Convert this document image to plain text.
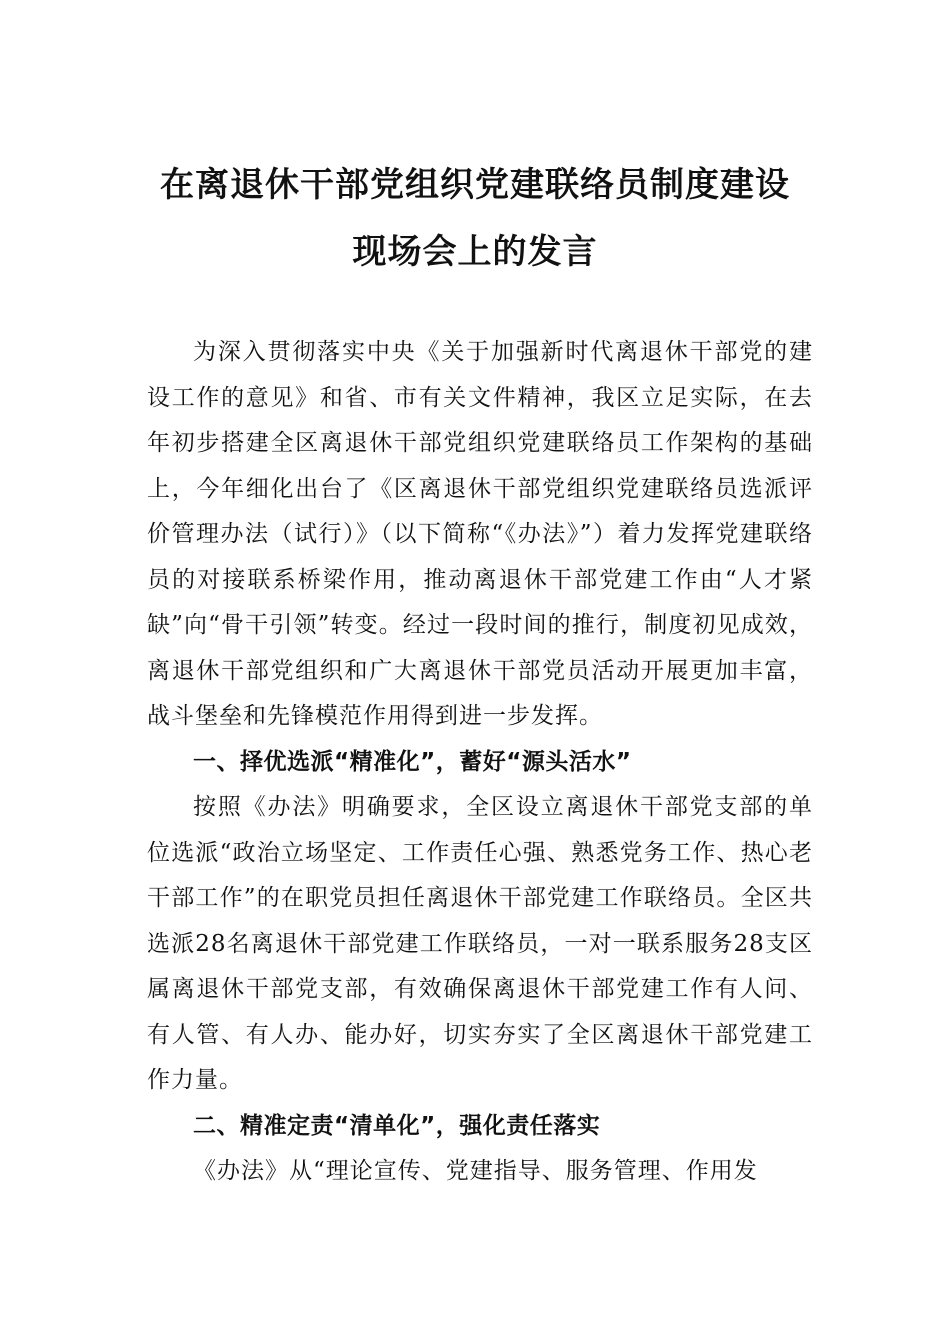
在离退休干部党组织党建联络员制度建设
现场会上的发言

为深入贯彻落实中央《关于加强新时代离退休干部党的建设工作的意见》和省、市有关文件精神，我区立足实际，在去年初步搭建全区离退休干部党组织党建联络员工作架构的基础上，今年细化出台了《区离退休干部党组织党建联络员选派评价管理办法（试行）》（以下简称“《办法》”）着力发挥党建联络员的对接联系桥梁作用，推动离退休干部党建工作由“人才紧缺”向“骨干引领”转变。经过一段时间的推行，制度初见成效，离退休干部党组织和广大离退休干部党员活动开展更加丰富，战斗堡垒和先锋模范作用得到进一步发挥。

一、择优选派“精准化”，蓄好“源头活水”

按照《办法》明确要求，全区设立离退休干部党支部的单位选派“政治立场坚定、工作责任心强、熟悉党务工作、热心老干部工作”的在职党员担任离退休干部党建工作联络员。全区共选派28名离退休干部党建工作联络员，一对一联系服务28支区属离退休干部党支部，有效确保离退休干部党建工作有人问、有人管、有人办、能办好，切实夯实了全区离退休干部党建工作力量。

二、精准定责“清单化”，强化责任落实

《办法》从“理论宣传、党建指导、服务管理、作用发
